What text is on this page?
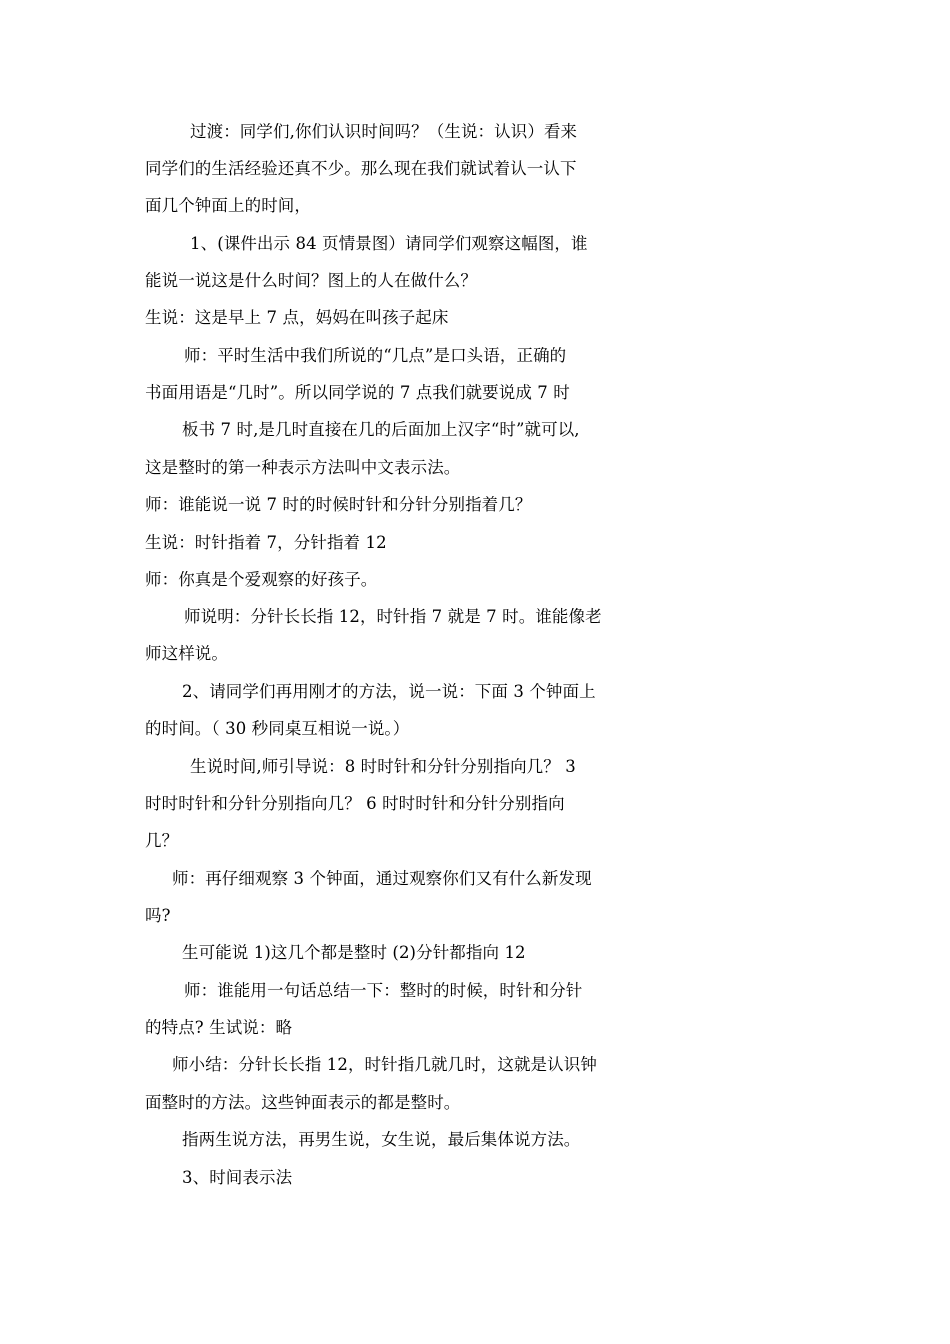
过渡：同学们,你们认识时间吗？（生说：认识）看来
同学们的生活经验还真不少。那么现在我们就试着认一认下
面几个钟面上的时间，
1、(课件出示 84 页情景图）请同学们观察这幅图，谁
能说一说这是什么时间？图上的人在做什么？
生说：这是早上 7 点，妈妈在叫孩子起床
师：平时生活中我们所说的“几点”是口头语，正确的
书面用语是“几时”。所以同学说的 7 点我们就要说成 7 时
板书 7 时,是几时直接在几的后面加上汉字“时”就可以,
这是整时的第一种表示方法叫中文表示法。
师：谁能说一说 7 时的时候时针和分针分别指着几？
生说：时针指着 7，分针指着 12
师：你真是个爱观察的好孩子。
师说明：分针长长指 12，时针指 7 就是 7 时。谁能像老
师这样说。
2、请同学们再用刚才的方法，说一说：下面 3 个钟面上
的时间。（ 30 秒同桌互相说一说。）
生说时间,师引导说：8 时时针和分针分别指向几？ 3
时时时针和分针分别指向几？ 6 时时时针和分针分别指向
几？
师：再仔细观察 3 个钟面，通过观察你们又有什么新发现
吗?
生可能说 1)这几个都是整时 (2)分针都指向 12
师：谁能用一句话总结一下：整时的时候，时针和分针
的特点? 生试说：略
师小结：分针长长指 12，时针指几就几时，这就是认识钟
面整时的方法。这些钟面表示的都是整时。
指两生说方法，再男生说，女生说，最后集体说方法。
3、时间表示法
